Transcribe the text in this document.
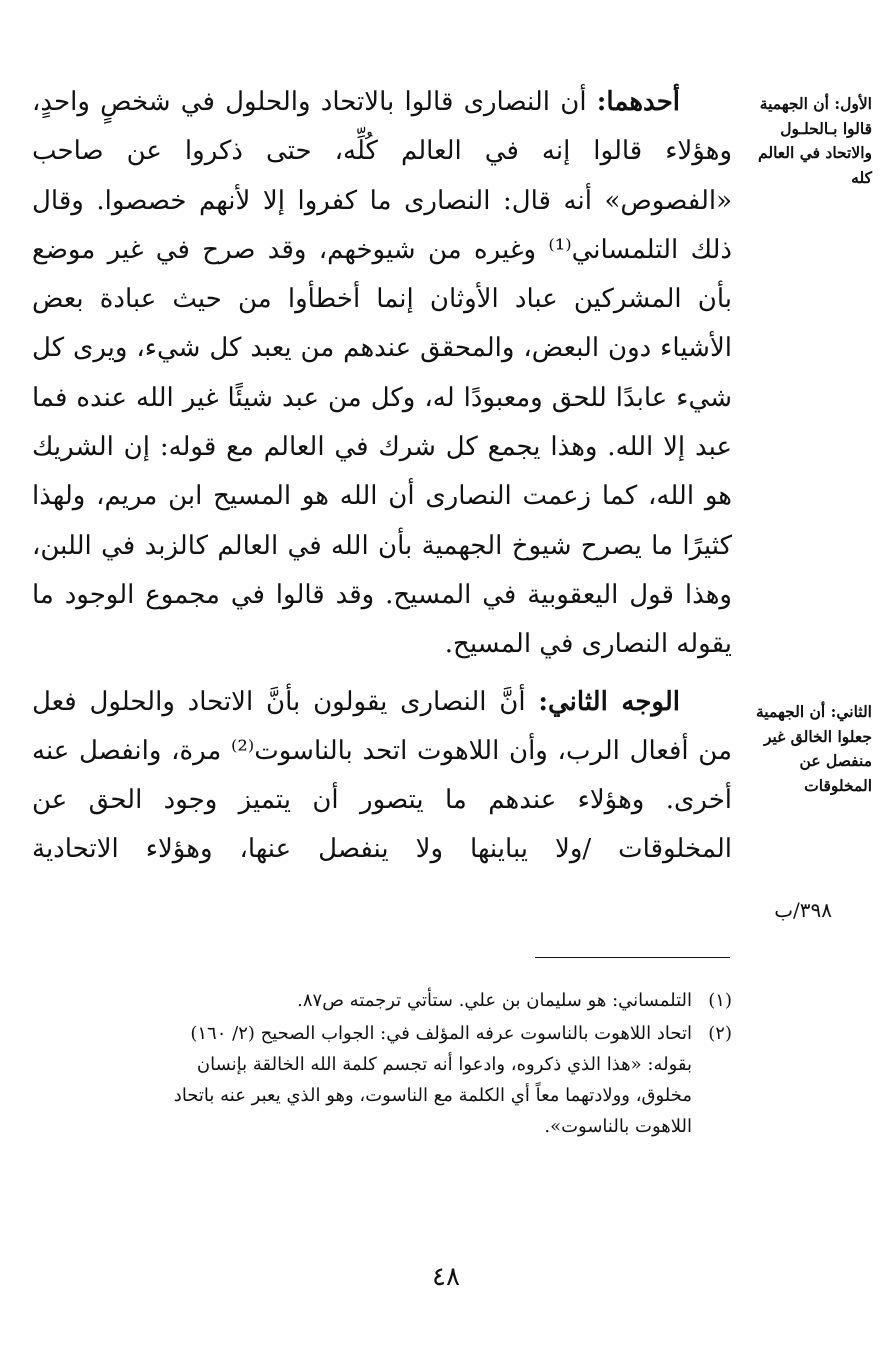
أحدهما: أن النصارى قالوا بالاتحاد والحلول في شخصٍ واحدٍ، وهؤلاء قالوا إنه في العالم كُلِّه، حتى ذكروا عن صاحب «الفصوص» أنه قال: النصارى ما كفروا إلا لأنهم خصصوا. وقال ذلك التلمساني⁽¹⁾ وغيره من شيوخهم، وقد صرح في غير موضع بأن المشركين عباد الأوثان إنما أخطأوا من حيث عبادة بعض الأشياء دون البعض، والمحقق عندهم من يعبد كل شيء، ويرى كل شيء عابدًا للحق ومعبودًا له، وكل من عبد شيئًا غير الله عنده فما عبد إلا الله. وهذا يجمع كل شرك في العالم مع قوله: إن الشريك هو الله، كما زعمت النصارى أن الله هو المسيح ابن مريم، ولهذا كثيرًا ما يصرح شيوخ الجهمية بأن الله في العالم كالزبد في اللبن، وهذا قول اليعقوبية في المسيح. وقد قالوا في مجموع الوجود ما يقوله النصارى في المسيح.

الوجه الثاني: أنَّ النصارى يقولون بأنَّ الاتحاد والحلول فعل من أفعال الرب، وأن اللاهوت اتحد بالناسوت⁽²⁾ مرة، وانفصل عنه أخرى. وهؤلاء عندهم ما يتصور أن يتميز وجود الحق عن المخلوقات /ولا يباينها ولا ينفصل عنها، وهؤلاء الاتحادية

الأول: أن الجهمية قالوا بـالحلـول والاتحاد في العالم كله
الثاني: أن الجهمية جعلوا الخالق غير منفصل عن المخلوقات
٣٩٨/ب
(١)
التلمساني: هو سليمان بن علي. ستأتي ترجمته ص٨٧.
(٢)
اتحاد اللاهوت بالناسوت عرفه المؤلف في: الجواب الصحيح (٢/ ١٦٠) بقوله: «هذا الذي ذكروه، وادعوا أنه تجسم كلمة الله الخالقة بإنسان مخلوق، وولادتهما معاً أي الكلمة مع الناسوت، وهو الذي يعبر عنه باتحاد اللاهوت بالناسوت».
٤٨
